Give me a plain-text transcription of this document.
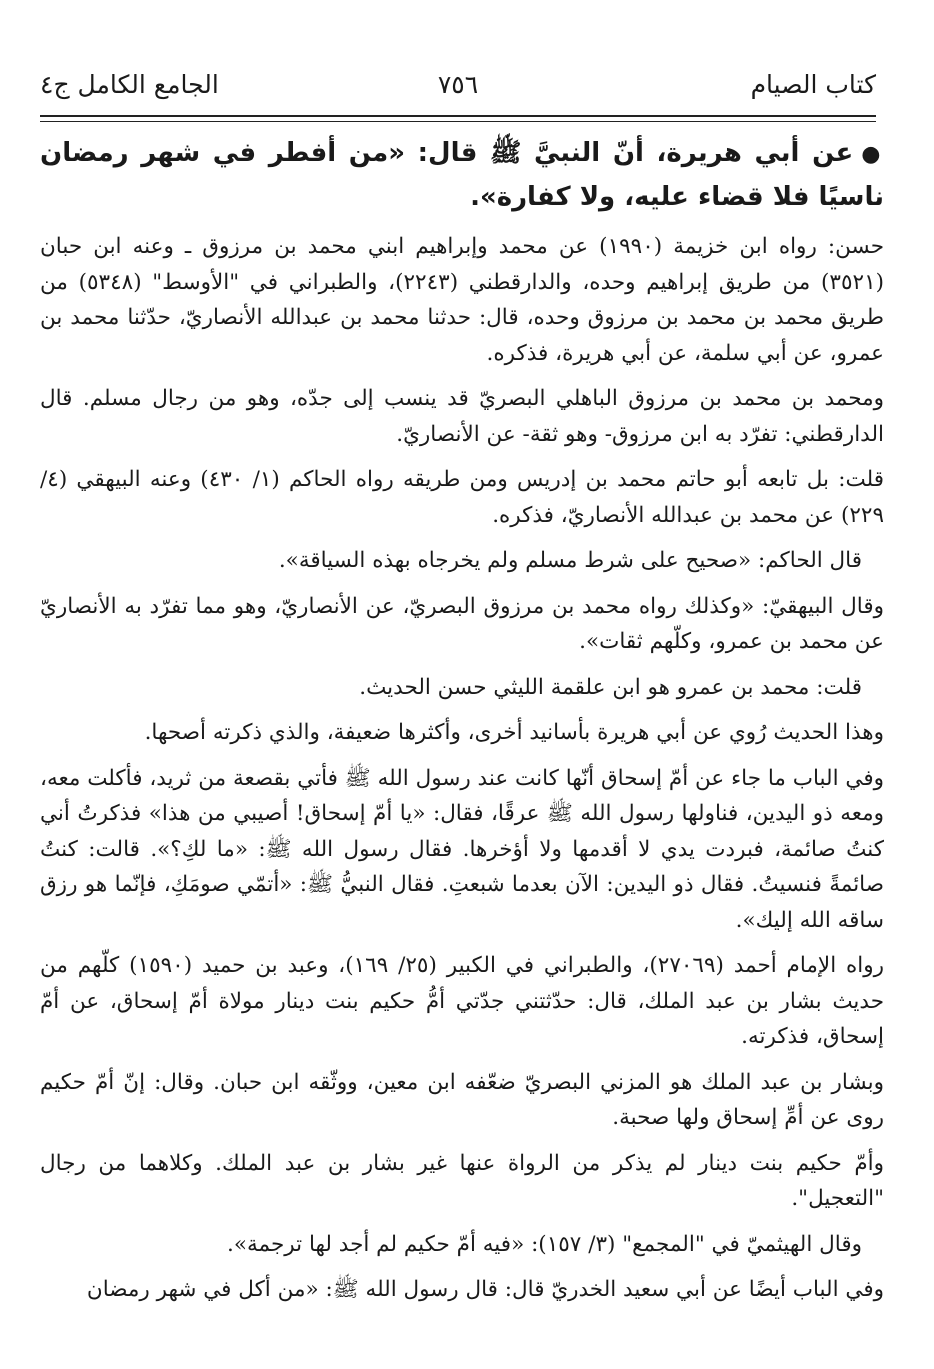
كتاب الصيام
٧٥٦
الجامع الكامل ج٤

●عن أبي هريرة، أنّ النبيَّ ﷺ قال: «من أفطر في شهر رمضان ناسيًا فلا قضاء عليه، ولا كفارة».

حسن: رواه ابن خزيمة (١٩٩٠) عن محمد وإبراهيم ابني محمد بن مرزوق ـ وعنه ابن حبان (٣٥٢١) من طريق إبراهيم وحده، والدارقطني (٢٢٤٣)، والطبراني في "الأوسط" (٥٣٤٨) من طريق محمد بن محمد بن مرزوق وحده، قال: حدثنا محمد بن عبدالله الأنصاريّ، حدّثنا محمد بن عمرو، عن أبي سلمة، عن أبي هريرة، فذكره.

ومحمد بن محمد بن مرزوق الباهلي البصريّ قد ينسب إلى جدّه، وهو من رجال مسلم. قال الدارقطني: تفرّد به ابن مرزوق- وهو ثقة- عن الأنصاريّ.

قلت: بل تابعه أبو حاتم محمد بن إدريس ومن طريقه رواه الحاكم (١/ ٤٣٠) وعنه البيهقي (٤/ ٢٢٩) عن محمد بن عبدالله الأنصاريّ، فذكره.

قال الحاكم: «صحيح على شرط مسلم ولم يخرجاه بهذه السياقة».

وقال البيهقيّ: «وكذلك رواه محمد بن مرزوق البصريّ، عن الأنصاريّ، وهو مما تفرّد به الأنصاريّ عن محمد بن عمرو، وكلّهم ثقات».

قلت: محمد بن عمرو هو ابن علقمة الليثي حسن الحديث.

وهذا الحديث رُوي عن أبي هريرة بأسانيد أخرى، وأكثرها ضعيفة، والذي ذكرته أصحها.

وفي الباب ما جاء عن أمّ إسحاق أنّها كانت عند رسول الله ﷺ فأتي بقصعة من ثريد، فأكلت معه، ومعه ذو اليدين، فناولها رسول الله ﷺ عرقًا، فقال: «يا أمّ إسحاق! أصيبي من هذا» فذكرتُ أني كنتُ صائمة، فبردت يدي لا أقدمها ولا أؤخرها. فقال رسول الله ﷺ: «ما لكِ؟». قالت: كنتُ صائمةً فنسيتُ. فقال ذو اليدين: الآن بعدما شبعتِ. فقال النبيُّ ﷺ: «أتمّي صومَكِ، فإنّما هو رزق ساقه الله إليك».

رواه الإمام أحمد (٢٧٠٦٩)، والطبراني في الكبير (٢٥/ ١٦٩)، وعبد بن حميد (١٥٩٠) كلّهم من حديث بشار بن عبد الملك، قال: حدّثتني جدّتي أمُّ حكيم بنت دينار مولاة أمّ إسحاق، عن أمّ إسحاق، فذكرته.

وبشار بن عبد الملك هو المزني البصريّ ضعّفه ابن معين، ووثّقه ابن حبان. وقال: إنّ أمّ حكيم روى عن أمِّ إسحاق ولها صحبة.

وأمّ حكيم بنت دينار لم يذكر من الرواة عنها غير بشار بن عبد الملك. وكلاهما من رجال "التعجيل".

وقال الهيثميّ في "المجمع" (٣/ ١٥٧): «فيه أمّ حكيم لم أجد لها ترجمة».

وفي الباب أيضًا عن أبي سعيد الخدريّ قال: قال رسول الله ﷺ: «من أكل في شهر رمضان
